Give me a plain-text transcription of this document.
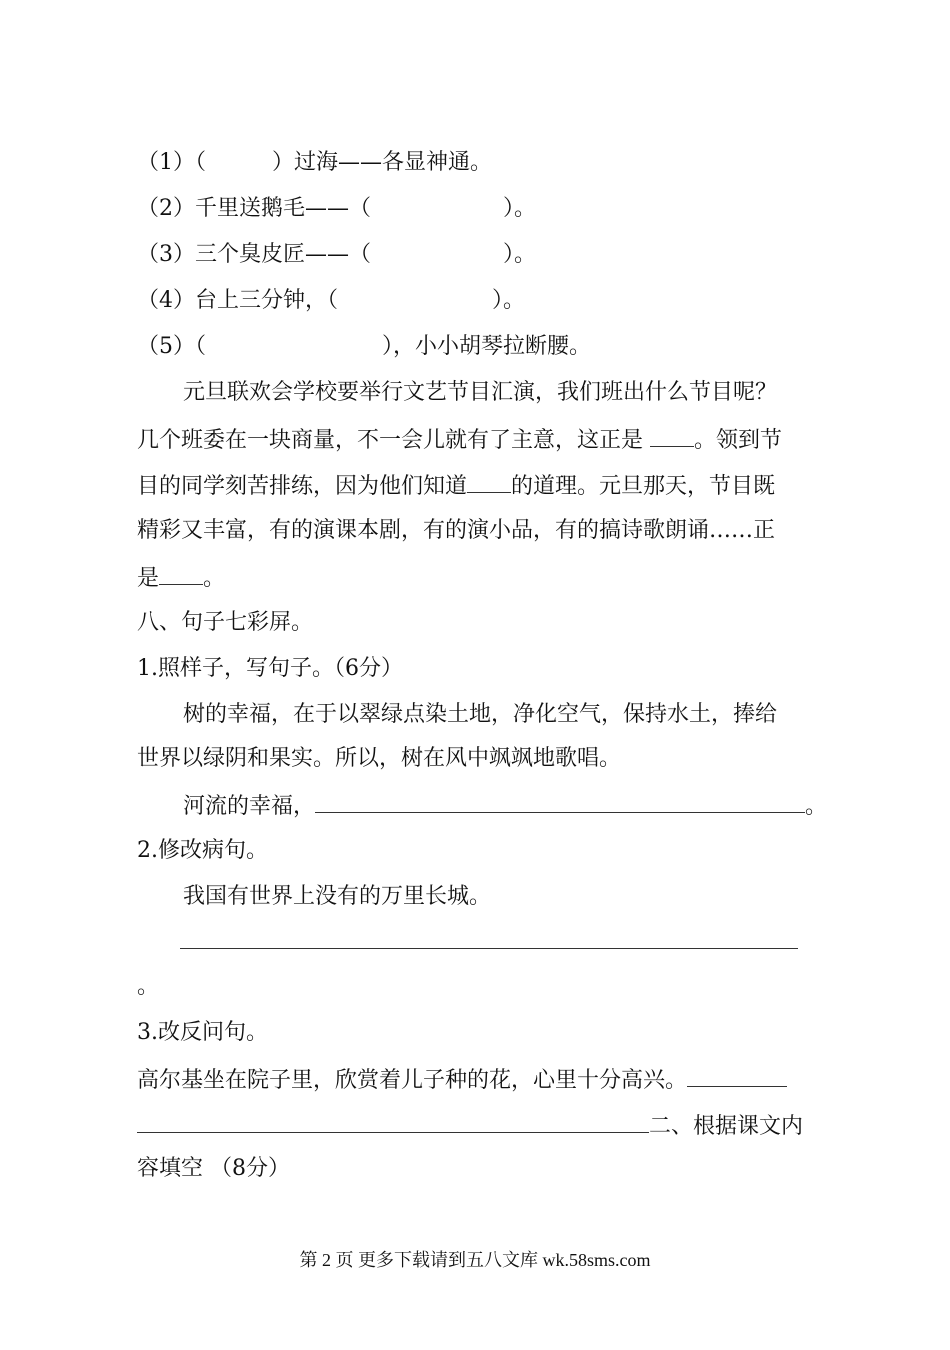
（1）（　　　）过海——各显神通。
（2）千里送鹅毛——（　　　　　　）。
（3）三个臭皮匠——（　　　　　　）。
（4）台上三分钟，（　　　　　　　）。
（5）（　　　　　　　　），小小胡琴拉断腰。
元旦联欢会学校要举行文艺节目汇演，我们班出什么节目呢？
几个班委在一块商量，不一会儿就有了主意，这正是 。领到节
目的同学刻苦排练，因为他们知道 的道理。元旦那天，节目既
精彩又丰富，有的演课本剧，有的演小品，有的搞诗歌朗诵……正
是 。
八、句子七彩屏。
1.照样子，写句子。（6分）
树的幸福，在于以翠绿点染土地，净化空气，保持水土，捧给
世界以绿阴和果实。所以，树在风中飒飒地歌唱。
河流的幸福，	。
2.修改病句。
我国有世界上没有的万里长城。
。
3.改反问句。
高尔基坐在院子里，欣赏着儿子种的花，心里十分高兴。
二、根据课文内
容填空 （8分）
第 2 页 更多下载请到五八文库 wk.58sms.com
